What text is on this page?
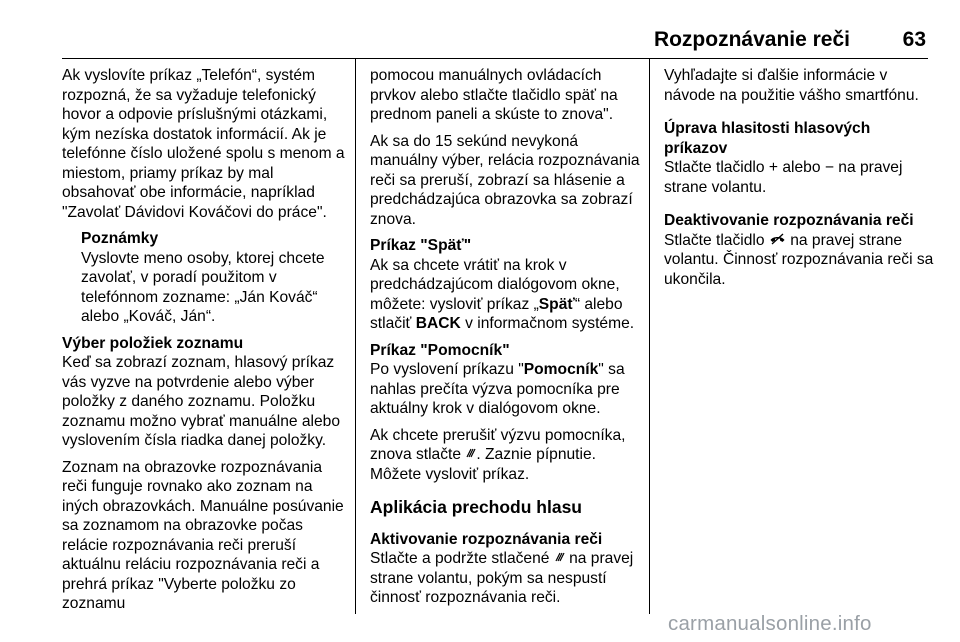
Rozpoznávanie reči	63

Ak vyslovíte príkaz „Telefón“, systém rozpozná, že sa vyžaduje telefonický hovor a odpovie príslušnými otázkami, kým nezíska dostatok informácií. Ak je telefónne číslo uložené spolu s menom a miestom, priamy príkaz by mal obsahovať obe informácie, napríklad "Zavolať Dávidovi Kováčovi do práce".

Poznámky
Vyslovte meno osoby, ktorej chcete zavolať, v poradí použitom v telefónnom zozname: „Ján Kováč“ alebo „Kováč, Ján“.
Výber položiek zoznamu

Keď sa zobrazí zoznam, hlasový príkaz vás vyzve na potvrdenie alebo výber položky z daného zoznamu. Položku zoznamu možno vybrať manuálne alebo vyslovením čísla riadka danej položky.

Zoznam na obrazovke rozpoznávania reči funguje rovnako ako zoznam na iných obrazovkách. Manuálne posúvanie sa zoznamom na obrazovke počas relácie rozpoznávania reči preruší aktuálnu reláciu rozpoznávania reči a prehrá príkaz "Vyberte položku zo zoznamu

pomocou manuálnych ovládacích prvkov alebo stlačte tlačidlo späť na prednom paneli a skúste to znova".

Ak sa do 15 sekúnd nevykoná manuálny výber, relácia rozpoznávania reči sa preruší, zobrazí sa hlásenie a predchádzajúca obrazovka sa zobrazí znova.

Príkaz "Späť"

Ak sa chcete vrátiť na krok v predchádzajúcom dialógovom okne, môžete: vysloviť príkaz „Späť“ alebo stlačiť BACK v informačnom systéme.

Príkaz "Pomocník"

Po vyslovení príkazu "Pomocník" sa nahlas prečíta výzva pomocníka pre aktuálny krok v dialógovom okne.

Ak chcete prerušiť výzvu pomocníka, znova stlačte . Zaznie pípnutie. Môžete vysloviť príkaz.

Aplikácia prechodu hlasu
Aktivovanie rozpoznávania reči

Stlačte a podržte stlačené  na pravej strane volantu, pokým sa nespustí činnosť rozpoznávania reči.

Vyhľadajte si ďalšie informácie v návode na použitie vášho smartfónu.

Úprava hlasitosti hlasových príkazov

Stlačte tlačidlo + alebo − na pravej strane volantu.

Deaktivovanie rozpoznávania reči

Stlačte tlačidlo  na pravej strane volantu. Činnosť rozpoznávania reči sa ukončila.

carmanualsonline.info
